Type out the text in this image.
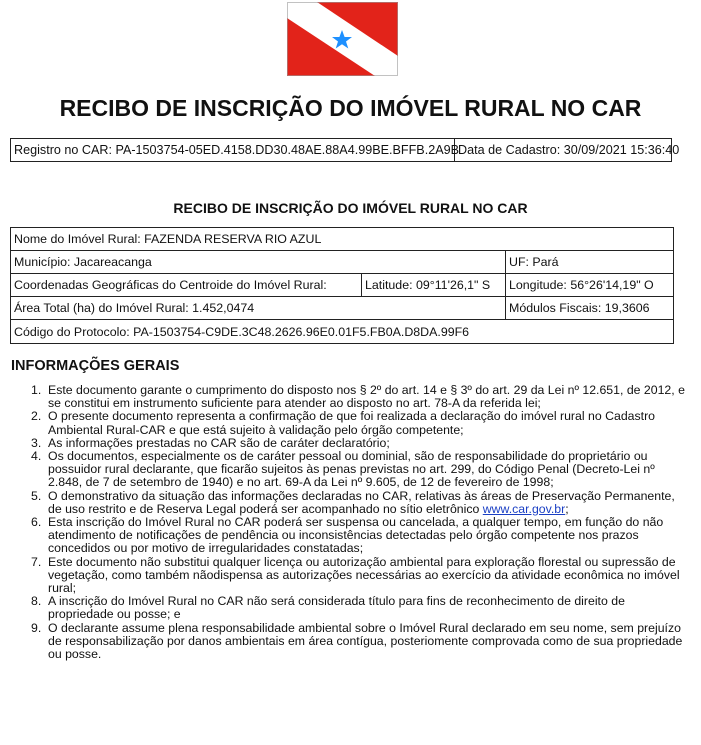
RECIBO DE INSCRIÇÃO DO IMÓVEL RURAL NO CAR
Registro no CAR: PA-1503754-05ED.4158.DD30.48AE.88A4.99BE.BFFB.2A9B Data de Cadastro: 30/09/2021 15:36:40
RECIBO DE INSCRIÇÃO DO IMÓVEL RURAL NO CAR
Nome do Imóvel Rural: FAZENDA RESERVA RIO AZUL
Município: Jacareacanga	UF: Pará
Coordenadas Geográficas do Centroide do Imóvel Rural:	Latitude: 09°11'26,1" S	Longitude: 56°26'14,19" O
Área Total (ha) do Imóvel Rural: 1.452,0474	Módulos Fiscais: 19,3606
Código do Protocolo: PA-1503754-C9DE.3C48.2626.96E0.01F5.FB0A.D8DA.99F6
INFORMAÇÕES GERAIS
1. Este documento garante o cumprimento do disposto nos § 2º do art. 14 e § 3º do art. 29 da Lei nº 12.651, de 2012, e se constitui em instrumento suficiente para atender ao disposto no art. 78-A da referida lei;
2. O presente documento representa a confirmação de que foi realizada a declaração do imóvel rural no Cadastro Ambiental Rural-CAR e que está sujeito à validação pelo órgão competente;
3. As informações prestadas no CAR são de caráter declaratório;
4. Os documentos, especialmente os de caráter pessoal ou dominial, são de responsabilidade do proprietário ou possuidor rural declarante, que ficarão sujeitos às penas previstas no art. 299, do Código Penal (Decreto-Lei nº 2.848, de 7 de setembro de 1940) e no art. 69-A da Lei nº 9.605, de 12 de fevereiro de 1998;
5. O demonstrativo da situação das informações declaradas no CAR, relativas às áreas de Preservação Permanente, de uso restrito e de Reserva Legal poderá ser acompanhado no sítio eletrônico www.car.gov.br;
6. Esta inscrição do Imóvel Rural no CAR poderá ser suspensa ou cancelada, a qualquer tempo, em função do não atendimento de notificações de pendência ou inconsistências detectadas pelo órgão competente nos prazos concedidos ou por motivo de irregularidades constatadas;
7. Este documento não substitui qualquer licença ou autorização ambiental para exploração florestal ou supressão de vegetação, como também nãodispensa as autorizações necessárias ao exercício da atividade econômica no imóvel rural;
8. A inscrição do Imóvel Rural no CAR não será considerada título para fins de reconhecimento de direito de propriedade ou posse; e
9. O declarante assume plena responsabilidade ambiental sobre o Imóvel Rural declarado em seu nome, sem prejuízo de responsabilização por danos ambientais em área contígua, posteriomente comprovada como de sua propriedade ou posse.
